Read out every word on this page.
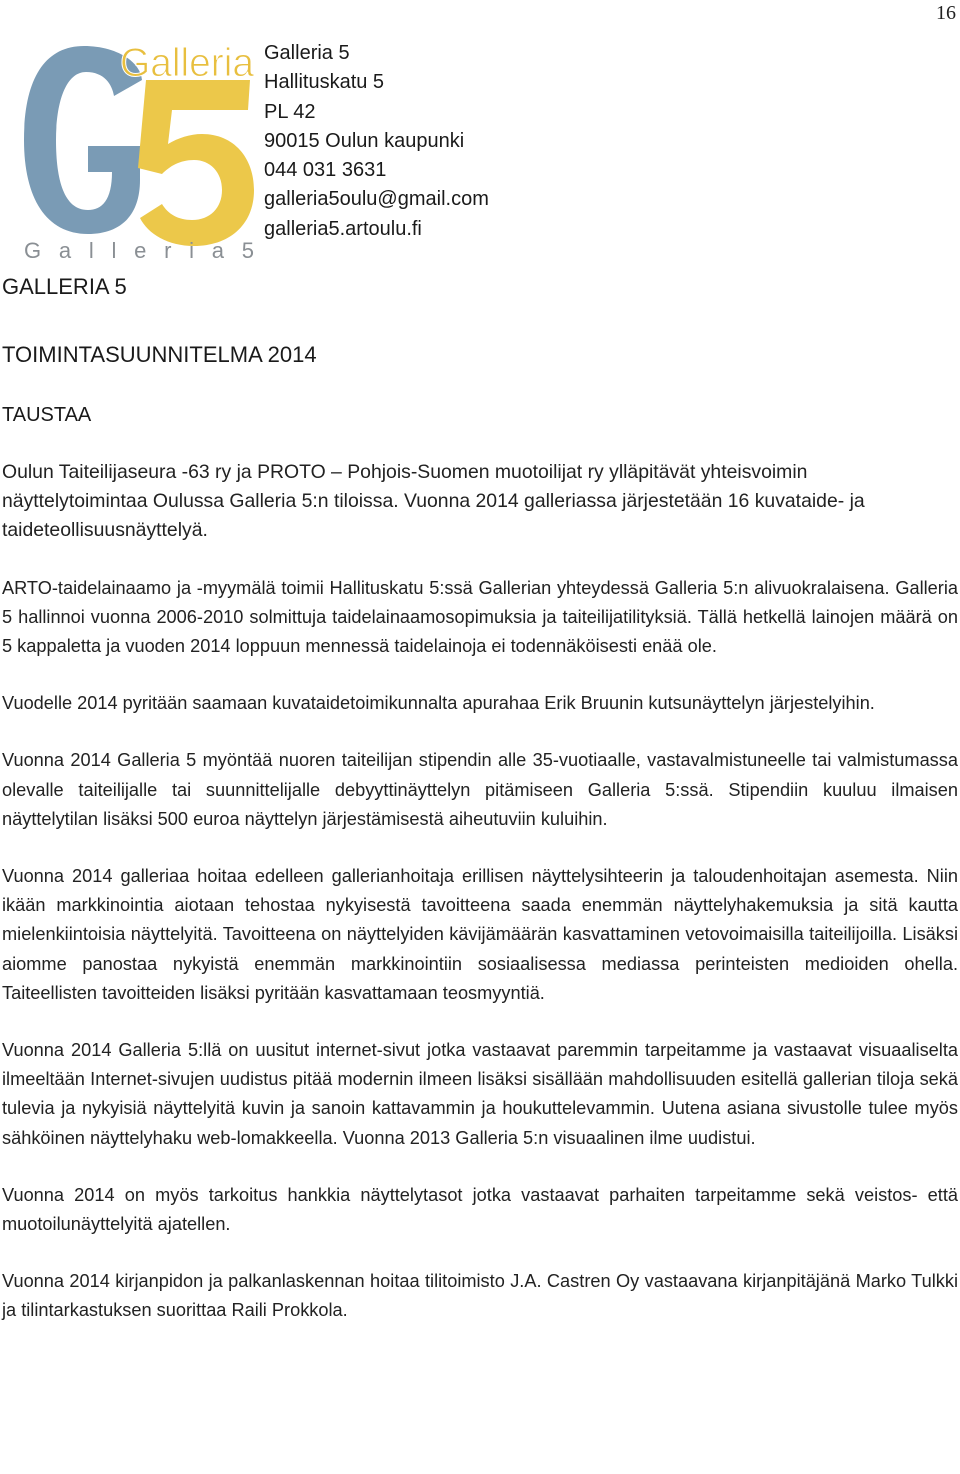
16
Galleria
G a l l e r i a 5
Galleria 5
Hallituskatu 5
PL 42
90015 Oulun kaupunki
044 031 3631
galleria5oulu@gmail.com
galleria5.artoulu.fi
GALLERIA 5
TOIMINTASUUNNITELMA 2014
TAUSTAA

Oulun Taiteilijaseura -63 ry ja PROTO – Pohjois-Suomen muotoilijat ry ylläpitävät yhteisvoimin näyttelytoimintaa Oulussa Galleria 5:n tiloissa. Vuonna 2014 galleriassa järjestetään 16 kuvataide- ja taideteollisuusnäyttelyä.

ARTO-taidelainaamo ja -myymälä toimii Hallituskatu 5:ssä Gallerian yhteydessä Galleria 5:n alivuokralaisena. Galleria 5 hallinnoi vuonna 2006-2010 solmittuja taidelainaamosopimuksia ja taiteilijatilityksiä. Tällä hetkellä lainojen määrä on 5 kappaletta ja vuoden 2014 loppuun mennessä taidelainoja ei todennäköisesti enää ole.

Vuodelle 2014 pyritään saamaan kuvataidetoimikunnalta apurahaa Erik Bruunin kutsunäyttelyn järjestelyihin.

Vuonna 2014 Galleria 5 myöntää nuoren taiteilijan stipendin alle 35-vuotiaalle, vastavalmistuneelle tai valmistumassa olevalle taiteilijalle tai suunnittelijalle debyyttinäyttelyn pitämiseen Galleria 5:ssä. Stipendiin kuuluu ilmaisen näyttelytilan lisäksi 500 euroa näyttelyn järjestämisestä aiheutuviin kuluihin.

Vuonna 2014 galleriaa hoitaa edelleen gallerianhoitaja erillisen näyttelysihteerin ja taloudenhoitajan asemesta. Niin ikään markkinointia aiotaan tehostaa nykyisestä tavoitteena saada enemmän näyttelyhakemuksia ja sitä kautta mielenkiintoisia näyttelyitä. Tavoitteena on näyttelyiden kävijämäärän kasvattaminen vetovoimaisilla taiteilijoilla. Lisäksi aiomme panostaa nykyistä enemmän markkinointiin sosiaalisessa mediassa perinteisten medioiden ohella. Taiteellisten tavoitteiden lisäksi pyritään kasvattamaan teosmyyntiä.

Vuonna 2014 Galleria 5:llä on uusitut internet-sivut jotka vastaavat paremmin tarpeitamme ja vastaavat visuaaliselta ilmeeltään Internet-sivujen uudistus pitää modernin ilmeen lisäksi sisällään mahdollisuuden esitellä gallerian tiloja sekä tulevia ja nykyisiä näyttelyitä kuvin ja sanoin kattavammin ja houkuttelevammin. Uutena asiana sivustolle tulee myös sähköinen näyttelyhaku web-lomakkeella. Vuonna 2013 Galleria 5:n visuaalinen ilme uudistui.

Vuonna 2014 on myös tarkoitus hankkia näyttelytasot jotka vastaavat parhaiten tarpeitamme sekä veistos- että muotoilunäyttelyitä ajatellen.

Vuonna 2014 kirjanpidon ja palkanlaskennan hoitaa tilitoimisto J.A. Castren Oy vastaavana kirjanpitäjänä Marko Tulkki ja tilintarkastuksen suorittaa Raili Prokkola.
